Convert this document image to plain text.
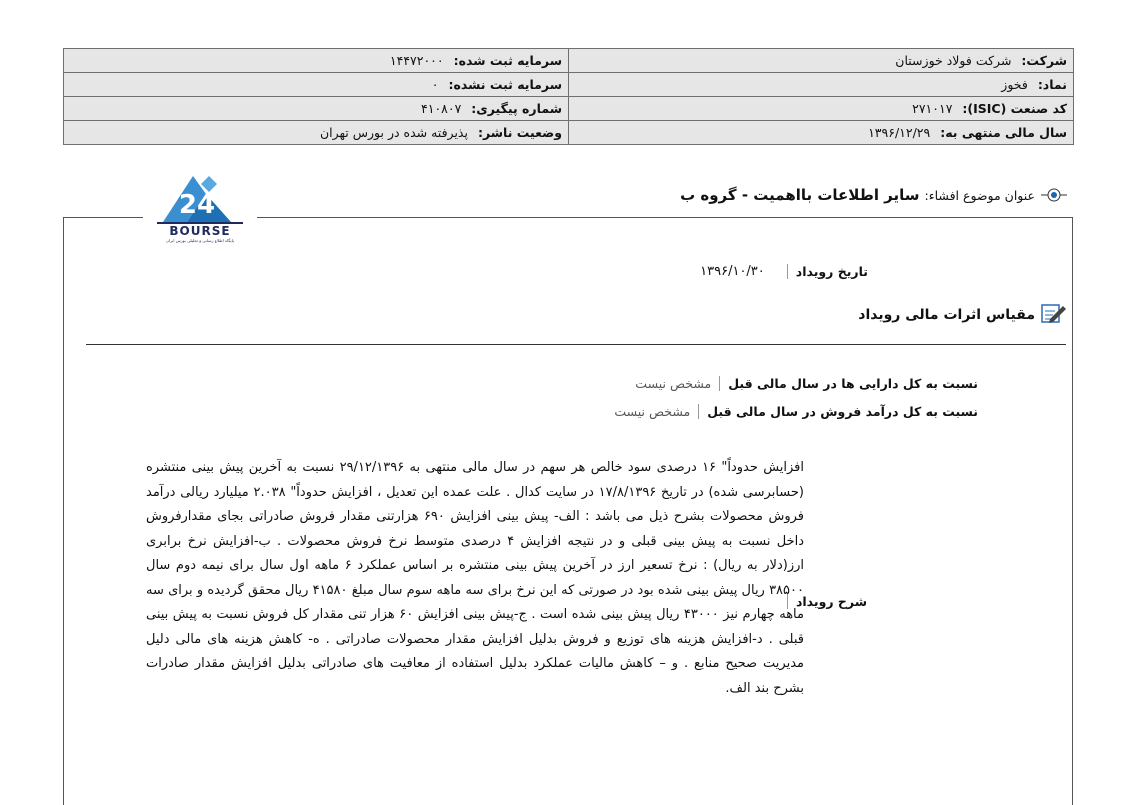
شرکت: شرکت فولاد خوزستان	سرمایه ثبت شده: ۱۴۴۷۲۰۰۰
نماد: فخوز	سرمایه ثبت نشده: ۰
کد صنعت (ISIC): ۲۷۱۰۱۷	شماره پیگیری: ۴۱۰۸۰۷
سال مالی منتهی به: ۱۳۹۶/۱۲/۲۹	وضعیت ناشر: پذیرفته شده در بورس تهران
24
BOURSE
پایگاه اطلاع رسانی و تحلیلی بورس ایران
عنوان موضوع افشاء:
سایر اطلاعات بااهمیت - گروه ب
تاریخ رویداد
۱۳۹۶/۱۰/۳۰
مقیاس اثرات مالی رویداد
نسبت به کل دارایی ها در سال مالی قبل
مشخص نیست
نسبت به کل درآمد فروش در سال مالی قبل
مشخص نیست
شرح رویداد
افزایش حدوداً" ۱۶ درصدی سود خالص هر سهم در سال مالی منتهی به ۲۹/۱۲/۱۳۹۶ نسبت به آخرین پیش بینی منتشره (حسابرسی شده) در تاریخ ۱۷/۸/۱۳۹۶ در سایت کدال . علت عمده این تعدیل ، افزایش حدوداً" ۲.۰۳۸ میلیارد ریالی درآمد فروش محصولات بشرح ذیل می باشد : الف- پیش بینی افزایش ۶۹۰ هزارتنی مقدار فروش صادراتی بجای مقدارفروش داخل نسبت به پیش بینی قبلی و در نتیجه افزایش ۴ درصدی متوسط نرخ فروش محصولات . ب-افزایش نرخ برابری ارز(دلار به ریال) : نرخ تسعیر ارز در آخرین پیش بینی منتشره بر اساس عملکرد ۶ ماهه اول سال برای نیمه دوم سال ۳۸۵۰۰ ریال پیش بینی شده بود در صورتی که این نرخ برای سه ماهه سوم سال مبلغ ۴۱۵۸۰ ریال محقق گردیده و برای سه ماهه چهارم نیز ۴۳۰۰۰ ریال پیش بینی شده است . ج-پیش بینی افزایش ۶۰ هزار تنی مقدار کل فروش نسبت به پیش بینی قبلی . د-افزایش هزینه های توزیع و فروش بدلیل افزایش مقدار محصولات صادراتی . ه- کاهش هزینه های مالی دلیل مدیریت صحیح منابع . و – کاهش مالیات عملکرد بدلیل استفاده از معافیت های صادراتی بدلیل افزایش مقدار صادرات بشرح بند الف.
